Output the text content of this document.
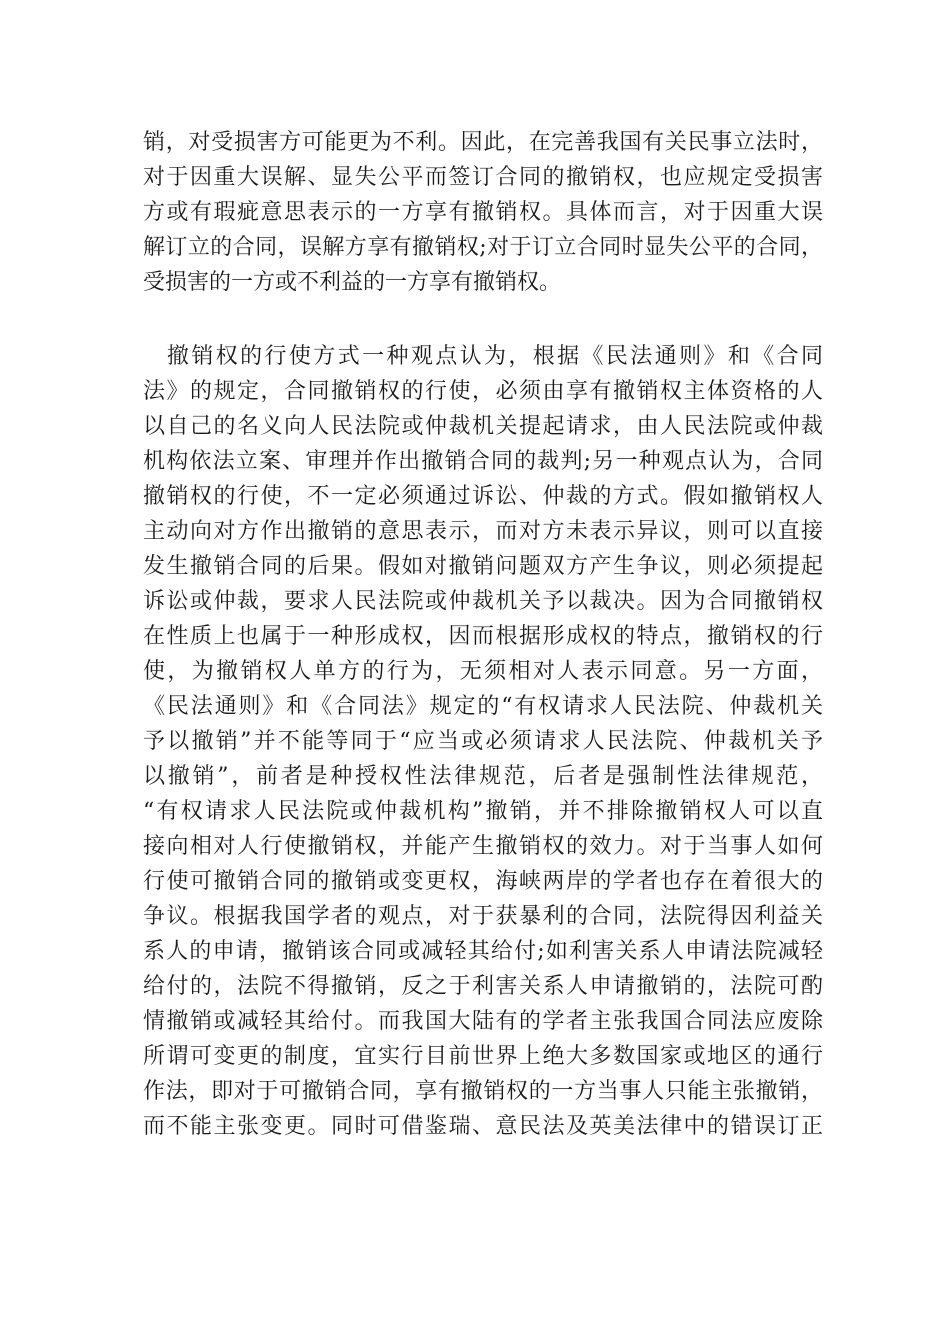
销，对受损害方可能更为不利。因此，在完善我国有关民事立法时，
对于因重大误解、显失公平而签订合同的撤销权，也应规定受损害
方或有瑕疵意思表示的一方享有撤销权。具体而言，对于因重大误
解订立的合同，误解方享有撤销权;对于订立合同时显失公平的合同，
受损害的一方或不利益的一方享有撤销权。
撤销权的行使方式一种观点认为，根据《民法通则》和《合同
法》的规定，合同撤销权的行使，必须由享有撤销权主体资格的人
以自己的名义向人民法院或仲裁机关提起请求，由人民法院或仲裁
机构依法立案、审理并作出撤销合同的裁判;另一种观点认为，合同
撤销权的行使，不一定必须通过诉讼、仲裁的方式。假如撤销权人
主动向对方作出撤销的意思表示，而对方未表示异议，则可以直接
发生撤销合同的后果。假如对撤销问题双方产生争议，则必须提起
诉讼或仲裁，要求人民法院或仲裁机关予以裁决。因为合同撤销权
在性质上也属于一种形成权，因而根据形成权的特点，撤销权的行
使，为撤销权人单方的行为，无须相对人表示同意。另一方面，
《民法通则》和《合同法》规定的“有权请求人民法院、仲裁机关
予以撤销”并不能等同于“应当或必须请求人民法院、仲裁机关予
以撤销”，前者是种授权性法律规范，后者是强制性法律规范，
“有权请求人民法院或仲裁机构”撤销，并不排除撤销权人可以直
接向相对人行使撤销权，并能产生撤销权的效力。对于当事人如何
行使可撤销合同的撤销或变更权，海峡两岸的学者也存在着很大的
争议。根据我国学者的观点，对于获暴利的合同，法院得因利益关
系人的申请，撤销该合同或减轻其给付;如利害关系人申请法院减轻
给付的，法院不得撤销，反之于利害关系人申请撤销的，法院可酌
情撤销或减轻其给付。而我国大陆有的学者主张我国合同法应废除
所谓可变更的制度，宜实行目前世界上绝大多数国家或地区的通行
作法，即对于可撤销合同，享有撤销权的一方当事人只能主张撤销，
而不能主张变更。同时可借鉴瑞、意民法及英美法律中的错误订正
